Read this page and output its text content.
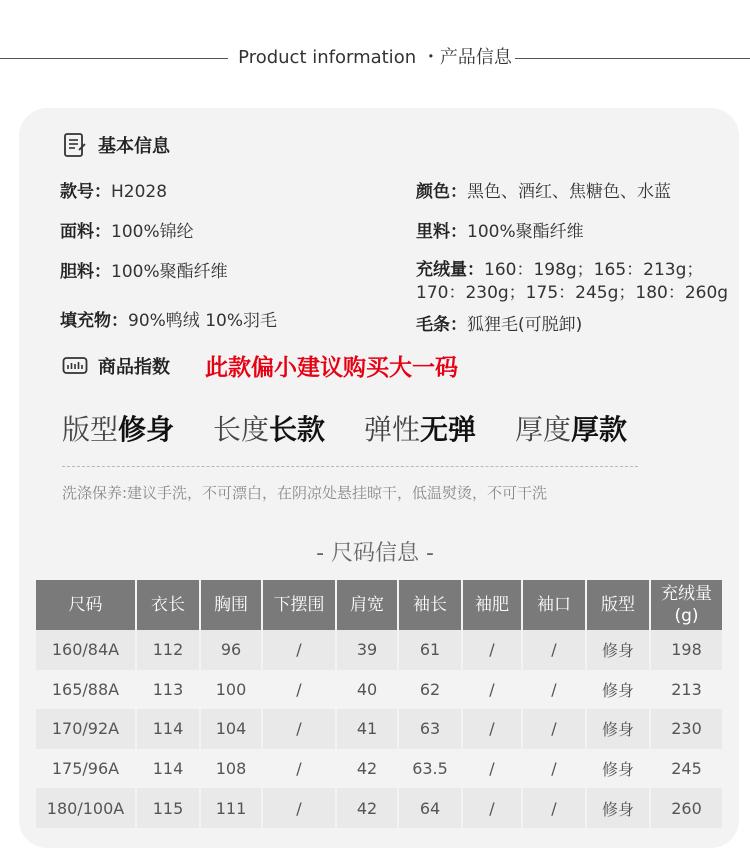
Product information ・产品信息
基本信息
款号：H2028
面料：100%锦纶
胆料：100%聚酯纤维
填充物：90%鸭绒 10%羽毛
颜色：黑色、酒红、焦糖色、水蓝
里料：100%聚酯纤维
充绒量：160：198g；165：213g；
170：230g；175：245g；180：260g
毛条：狐狸毛(可脱卸)
商品指数 此款偏小建议购买大一码
版型修身 长度长款 弹性无弹 厚度厚款
洗涤保养:建议手洗，不可漂白，在阴凉处悬挂晾干，低温熨烫，不可干洗
- 尺码信息 -
尺码	衣长	胸围	下摆围	肩宽	袖长	袖肥	袖口	版型	充绒量
(g)
160/84A	112	96	/	39	61	/	/	修身	198
165/88A	113	100	/	40	62	/	/	修身	213
170/92A	114	104	/	41	63	/	/	修身	230
175/96A	114	108	/	42	63.5	/	/	修身	245
180/100A	115	111	/	42	64	/	/	修身	260
